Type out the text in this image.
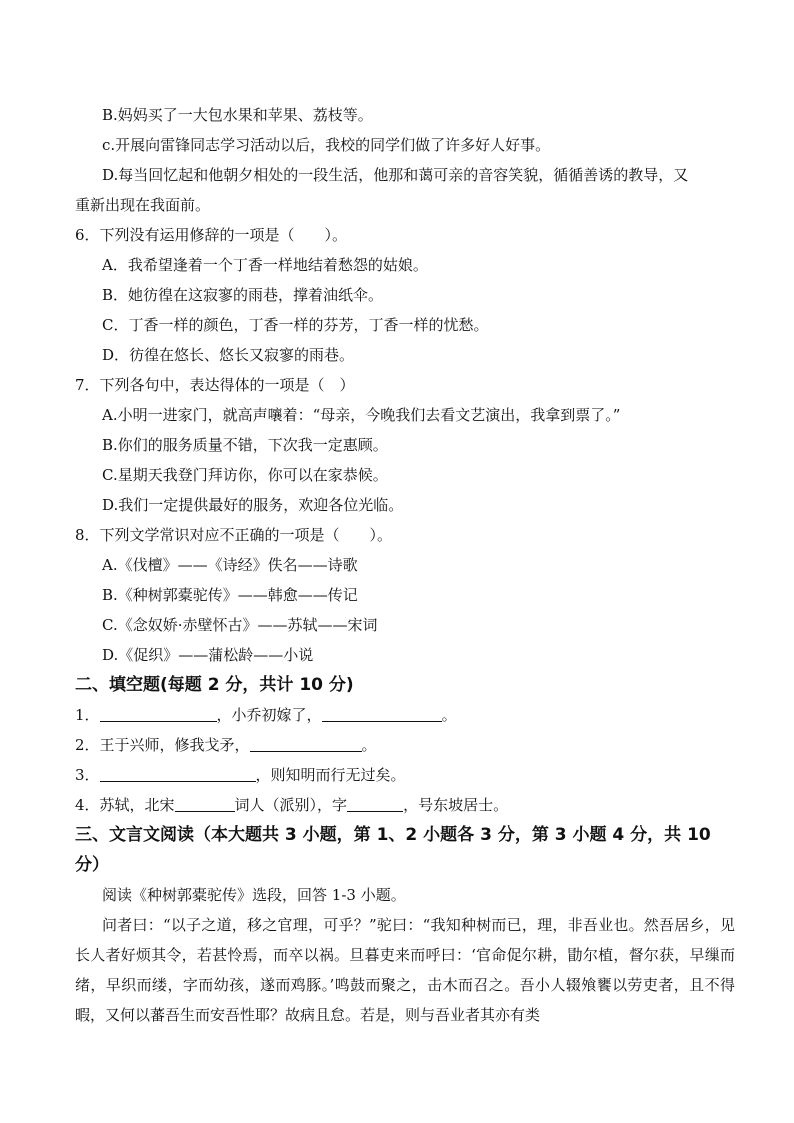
B.妈妈买了一大包水果和苹果、荔枝等。
c.开展向雷锋同志学习活动以后，我校的同学们做了许多好人好事。
D.每当回忆起和他朝夕相处的一段生活，他那和蔼可亲的音容笑貌，循循善诱的教导，又
重新出现在我面前。
6．下列没有运用修辞的一项是（　　）。
A．我希望逢着一个丁香一样地结着愁怨的姑娘。
B．她彷徨在这寂寥的雨巷，撑着油纸伞。
C．丁香一样的颜色，丁香一样的芬芳，丁香一样的忧愁。
D．彷徨在悠长、悠长又寂寥的雨巷。
7．下列各句中，表达得体的一项是（　）
A.小明一进家门，就高声嚷着：“母亲，今晚我们去看文艺演出，我拿到票了。”
B.你们的服务质量不错，下次我一定惠顾。
C.星期天我登门拜访你，你可以在家恭候。
D.我们一定提供最好的服务，欢迎各位光临。
8．下列文学常识对应不正确的一项是（　　）。
A.《伐檀》——《诗经》佚名——诗歌
B.《种树郭橐驼传》——韩愈——传记
C.《念奴娇·赤壁怀古》——苏轼——宋词
D.《促织》——蒲松龄——小说
二、填空题(每题 2 分，共计 10 分)
1．	，小乔初嫁了，	。
2．王于兴师，修我戈矛，	。
3．	，则知明而行无过矣。
4．苏轼，北宋	词人（派别），字	，号东坡居士。
三、文言文阅读（本大题共 3 小题，第 1、2 小题各 3 分，第 3 小题 4 分，共 10
分）
阅读《种树郭橐驼传》选段，回答 1-3 小题。
问者曰：“以子之道，移之官理，可乎？”驼曰：“我知种树而已，理，非吾业也。然吾居乡，见长人者好烦其令，若甚怜焉，而卒以祸。旦暮吏来而呼曰：‘官命促尔耕，勖尔植，督尔获，早缫而绪，早织而缕，字而幼孩，遂而鸡豚。’鸣鼓而聚之，击木而召之。吾小人辍飧饔以劳吏者，且不得暇，又何以蕃吾生而安吾性耶？故病且怠。若是，则与吾业者其亦有类
